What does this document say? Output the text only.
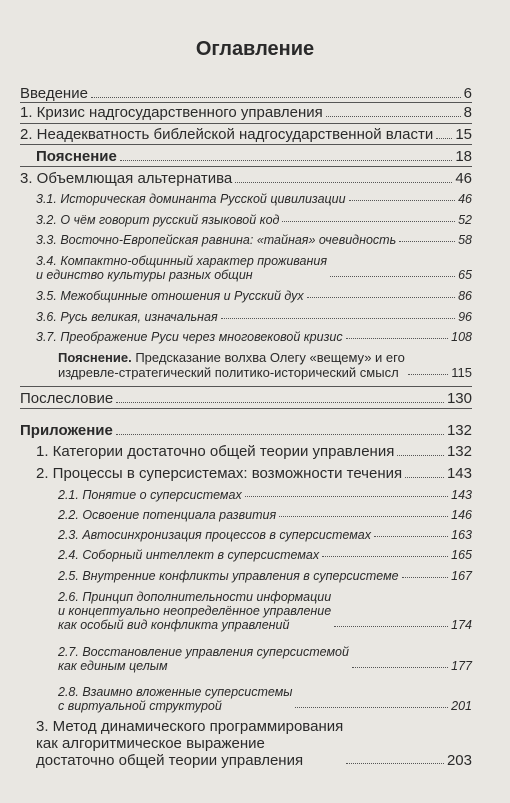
Оглавление
Введение	6
1. Кризис надгосударственного управления	8
2. Неадекватность библейской надгосударственной власти 15
Пояснение	18
3. Объемлющая альтернатива	46
3.1. Историческая доминанта Русской цивилизации	46
3.2. О чём говорит русский языковой код	52
3.3. Восточно-Европейская равнина: «тайная» очевидность	58
3.4. Компактно-общинный характер проживания
и единство культуры разных общин	65
3.5. Межобщинные отношения и Русский дух	86
3.6. Русь великая, изначальная	96
3.7. Преображение Руси через многовековой кризис	108
Пояснение. Предсказание волхва Олегу «вещему» и его
издревле-стратегический политико-исторический смысл	115
Послесловие	130
Приложение	132
1. Категории достаточно общей теории управления	132
2. Процессы в суперсистемах: возможности течения	143
2.1. Понятие о суперсистемах	143
2.2. Освоение потенциала развития	146
2.3. Автосинхронизация процессов в суперсистемах	163
2.4. Соборный интеллект в суперсистемах	165
2.5. Внутренние конфликты управления в суперсистеме	167
2.6. Принцип дополнительности информации
и концептуально неопределённое управление
как особый вид конфликта управлений	174
2.7. Восстановление управления суперсистемой
как единым целым	177
2.8. Взаимно вложенные суперсистемы
с виртуальной структурой	201
3. Метод динамического программирования
как алгоритмическое выражение
достаточно общей теории управления	203
